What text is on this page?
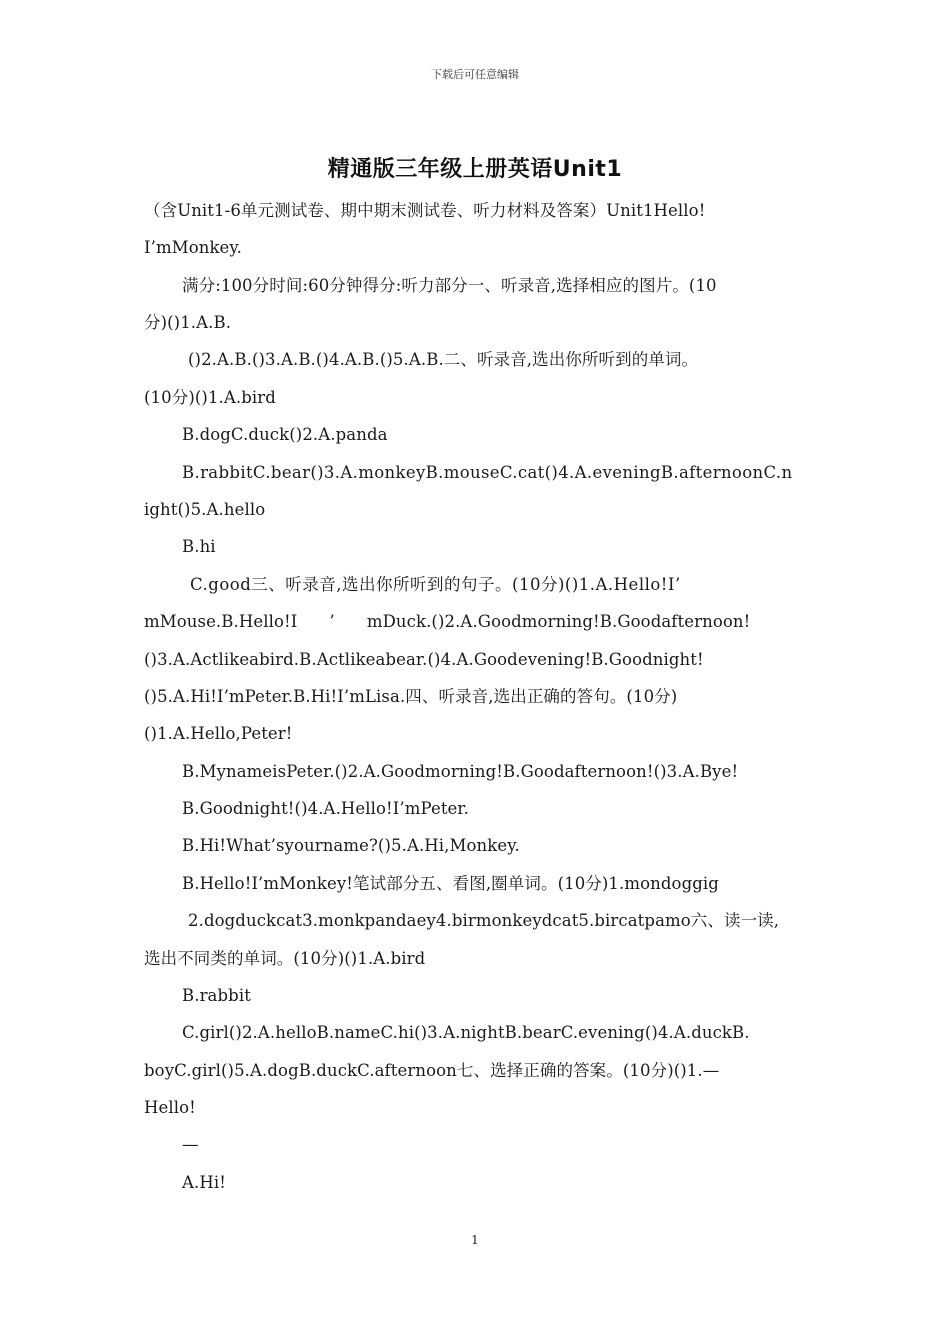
下载后可任意编辑
精通版三年级上册英语Unit1
（含Unit1-6单元测试卷、期中期末测试卷、听力材料及答案）Unit1Hello!
I’mMonkey.
满分:100分时间:60分钟得分:听力部分一、听录音,选择相应的图片。(10
分)()1.A.B.
()2.A.B.()3.A.B.()4.A.B.()5.A.B.二、听录音,选出你所听到的单词。
(10分)()1.A.bird
B.dogC.duck()2.A.panda
B.rabbitC.bear()3.A.monkeyB.mouseC.cat()4.A.eveningB.afternoonC.n
ight()5.A.hello
B.hi
C.good三、听录音,选出你所听到的句子。(10分)()1.A.Hello!I’
mMouse.B.Hello!I      ’      mDuck.()2.A.Goodmorning!B.Goodafternoon!
()3.A.Actlikeabird.B.Actlikeabear.()4.A.Goodevening!B.Goodnight!
()5.A.Hi!I’mPeter.B.Hi!I’mLisa.四、听录音,选出正确的答句。(10分)
()1.A.Hello,Peter!
B.MynameisPeter.()2.A.Goodmorning!B.Goodafternoon!()3.A.Bye!
B.Goodnight!()4.A.Hello!I’mPeter.
B.Hi!What’syourname?()5.A.Hi,Monkey.
B.Hello!I’mMonkey!笔试部分五、看图,圈单词。(10分)1.mondoggig
2.dogduckcat3.monkpandaey4.birmonkeydcat5.bircatpamo六、读一读,
选出不同类的单词。(10分)()1.A.bird
B.rabbit
C.girl()2.A.helloB.nameC.hi()3.A.nightB.bearC.evening()4.A.duckB.
boyC.girl()5.A.dogB.duckC.afternoon七、选择正确的答案。(10分)()1.—
Hello!
—
A.Hi!
1
